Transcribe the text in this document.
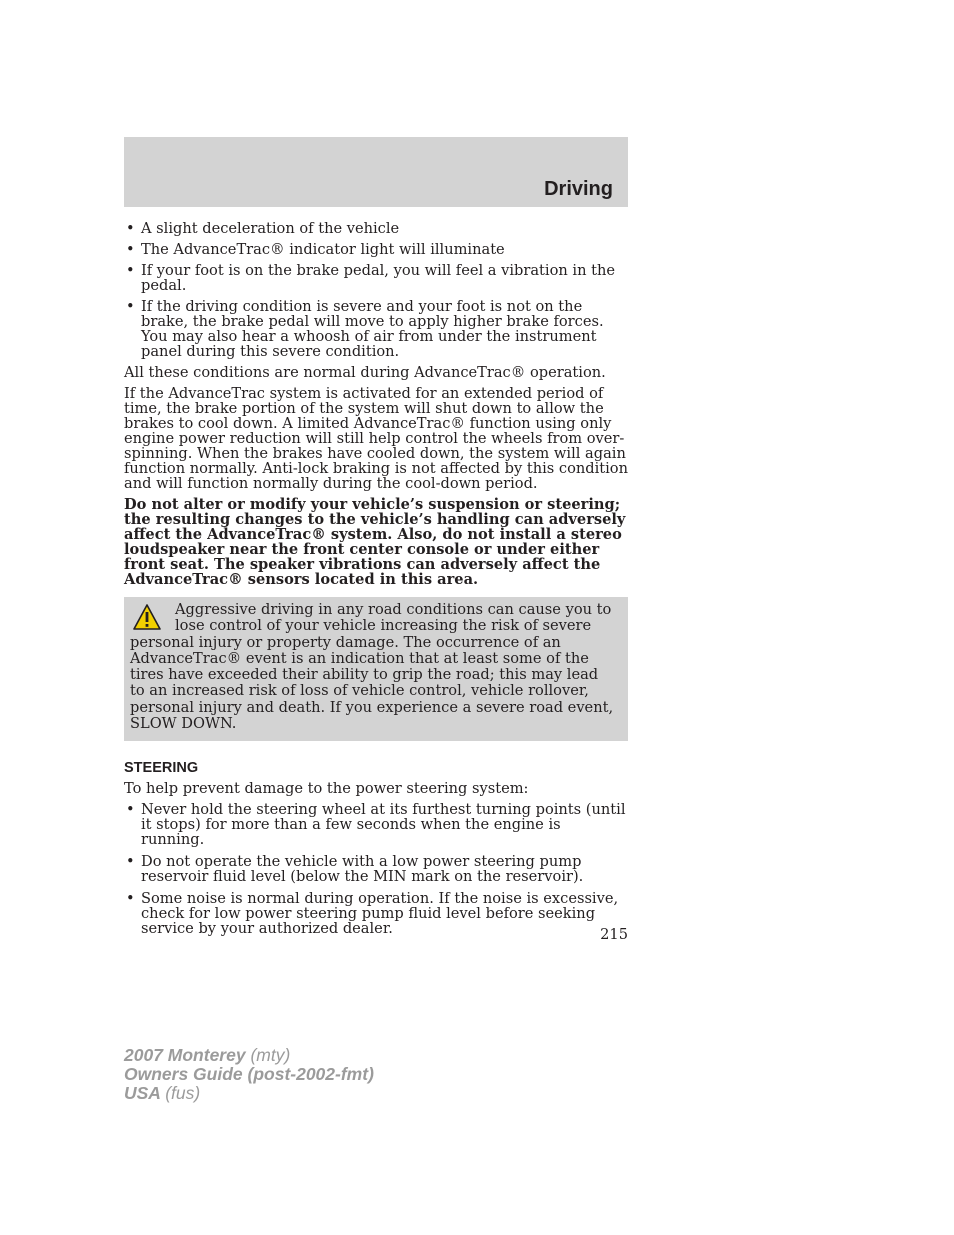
Driving
• A slight deceleration of the vehicle
• The AdvanceTrac® indicator light will illuminate
• If your foot is on the brake pedal, you will feel a vibration in the pedal.
• If the driving condition is severe and your foot is not on the brake, the brake pedal will move to apply higher brake forces. You may also hear a whoosh of air from under the instrument panel during this severe condition.

All these conditions are normal during AdvanceTrac® operation.

If the AdvanceTrac system is activated for an extended period of time, the brake portion of the system will shut down to allow the brakes to cool down. A limited AdvanceTrac® function using only engine power reduction will still help control the wheels from over-spinning. When the brakes have cooled down, the system will again function normally. Anti-lock braking is not affected by this condition and will function normally during the cool-down period.

Do not alter or modify your vehicle’s suspension or steering; the resulting changes to the vehicle’s handling can adversely affect the AdvanceTrac® system. Also, do not install a stereo loudspeaker near the front center console or under either front seat. The speaker vibrations can adversely affect the AdvanceTrac® sensors located in this area.

Aggressive driving in any road conditions can cause you to lose control of your vehicle increasing the risk of severe personal injury or property damage. The occurrence of an AdvanceTrac® event is an indication that at least some of the tires have exceeded their ability to grip the road; this may lead to an increased risk of loss of vehicle control, vehicle rollover, personal injury and death. If you experience a severe road event, SLOW DOWN.
STEERING

To help prevent damage to the power steering system:

• Never hold the steering wheel at its furthest turning points (until it stops) for more than a few seconds when the engine is running.
• Do not operate the vehicle with a low power steering pump reservoir fluid level (below the MIN mark on the reservoir).
• Some noise is normal during operation. If the noise is excessive, check for low power steering pump fluid level before seeking service by your authorized dealer.	215
2007 Monterey (mty)
Owners Guide (post-2002-fmt)
USA (fus)
